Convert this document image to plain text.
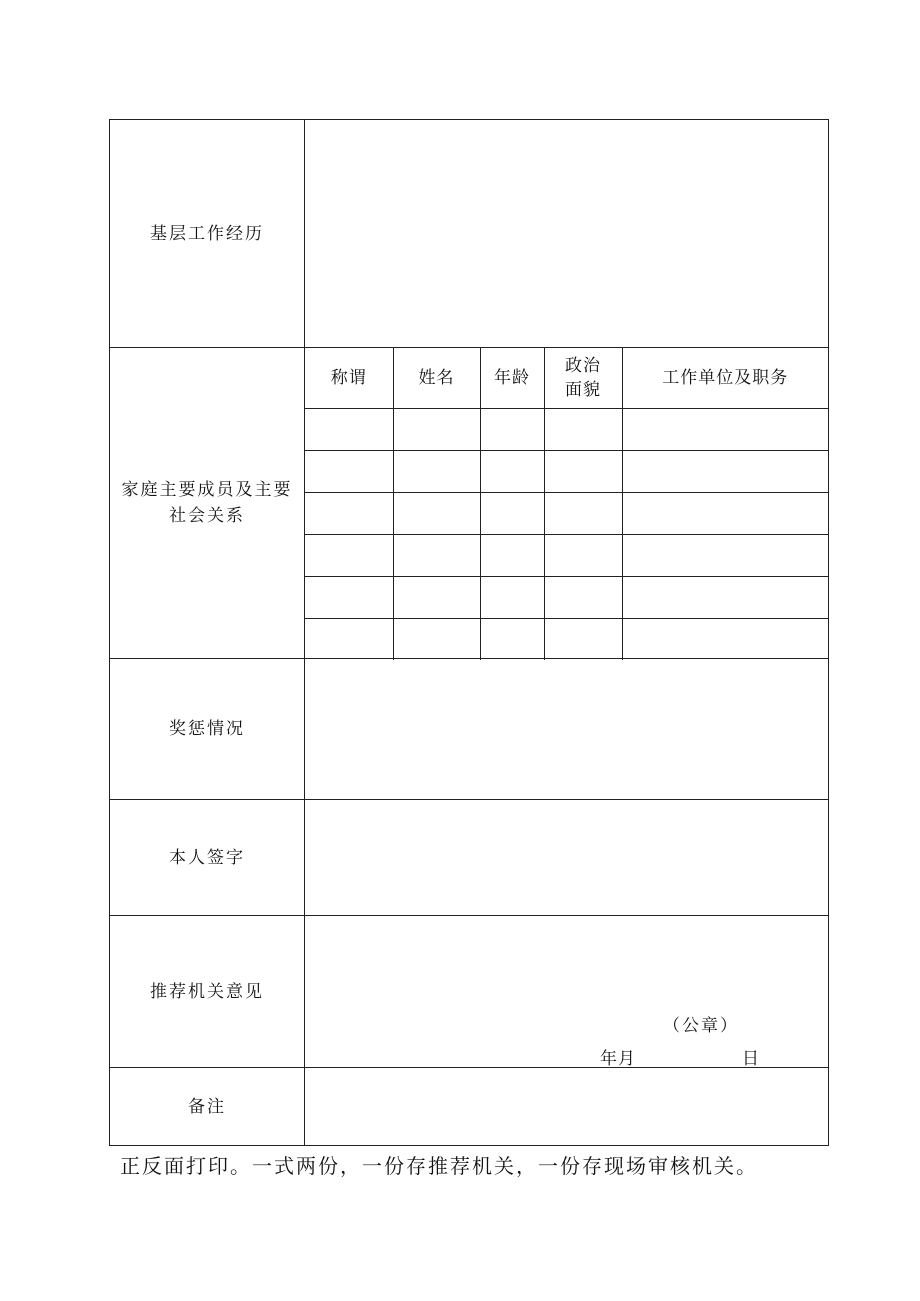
基层工作经历
家庭主要成员及主要社会关系
称谓	姓名	年龄	政治面貌	工作单位及职务

奖惩情况
本人签字
推荐机关意见
（公章）
年月	日
备注
正反面打印。一式两份，一份存推荐机关，一份存现场审核机关。
